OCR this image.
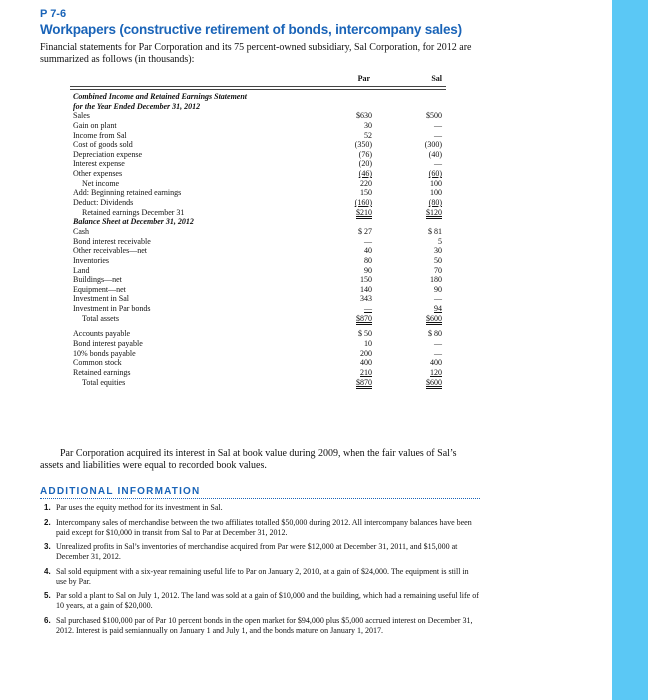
P 7-6
Workpapers (constructive retirement of bonds, intercompany sales)
Financial statements for Par Corporation and its 75 percent-owned subsidiary, Sal Corporation, for 2012 are summarized as follows (in thousands):
Par	Sal
Combined Income and Retained Earnings Statement
for the Year Ended December 31, 2012
Sales	$630	$500
Gain on plant	30	—
Income from Sal	52	—
Cost of goods sold	(350)	(300)
Depreciation expense	(76)	(40)
Interest expense	(20)	—
Other expenses	(46)	(60)
Net income	220	100
Add: Beginning retained earnings	150	100
Deduct: Dividends	(160)	(80)
Retained earnings December 31	$210	$120
Balance Sheet at December 31, 2012
Cash	$ 27	$ 81
Bond interest receivable	—	5
Other receivables—net	40	30
Inventories	80	50
Land	90	70
Buildings—net	150	180
Equipment—net	140	90
Investment in Sal	343	—
Investment in Par bonds	—	94
Total assets	$870	$600
Accounts payable	$ 50	$ 80
Bond interest payable	10	—
10% bonds payable	200	—
Common stock	400	400
Retained earnings	210	120
Total equities	$870	$600
Par Corporation acquired its interest in Sal at book value during 2009, when the fair values of Sal’s assets and liabilities were equal to recorded book values.
ADDITIONAL INFORMATION
1. Par uses the equity method for its investment in Sal.
2. Intercompany sales of merchandise between the two affiliates totalled $50,000 during 2012. All intercompany balances have been paid except for $10,000 in transit from Sal to Par at December 31, 2012.
3. Unrealized profits in Sal’s inventories of merchandise acquired from Par were $12,000 at December 31, 2011, and $15,000 at December 31, 2012.
4. Sal sold equipment with a six-year remaining useful life to Par on January 2, 2010, at a gain of $24,000. The equipment is still in use by Par.
5. Par sold a plant to Sal on July 1, 2012. The land was sold at a gain of $10,000 and the building, which had a remaining useful life of 10 years, at a gain of $20,000.
6. Sal purchased $100,000 par of Par 10 percent bonds in the open market for $94,000 plus $5,000 accrued interest on December 31, 2012. Interest is paid semiannually on January 1 and July 1, and the bonds mature on January 1, 2017.
